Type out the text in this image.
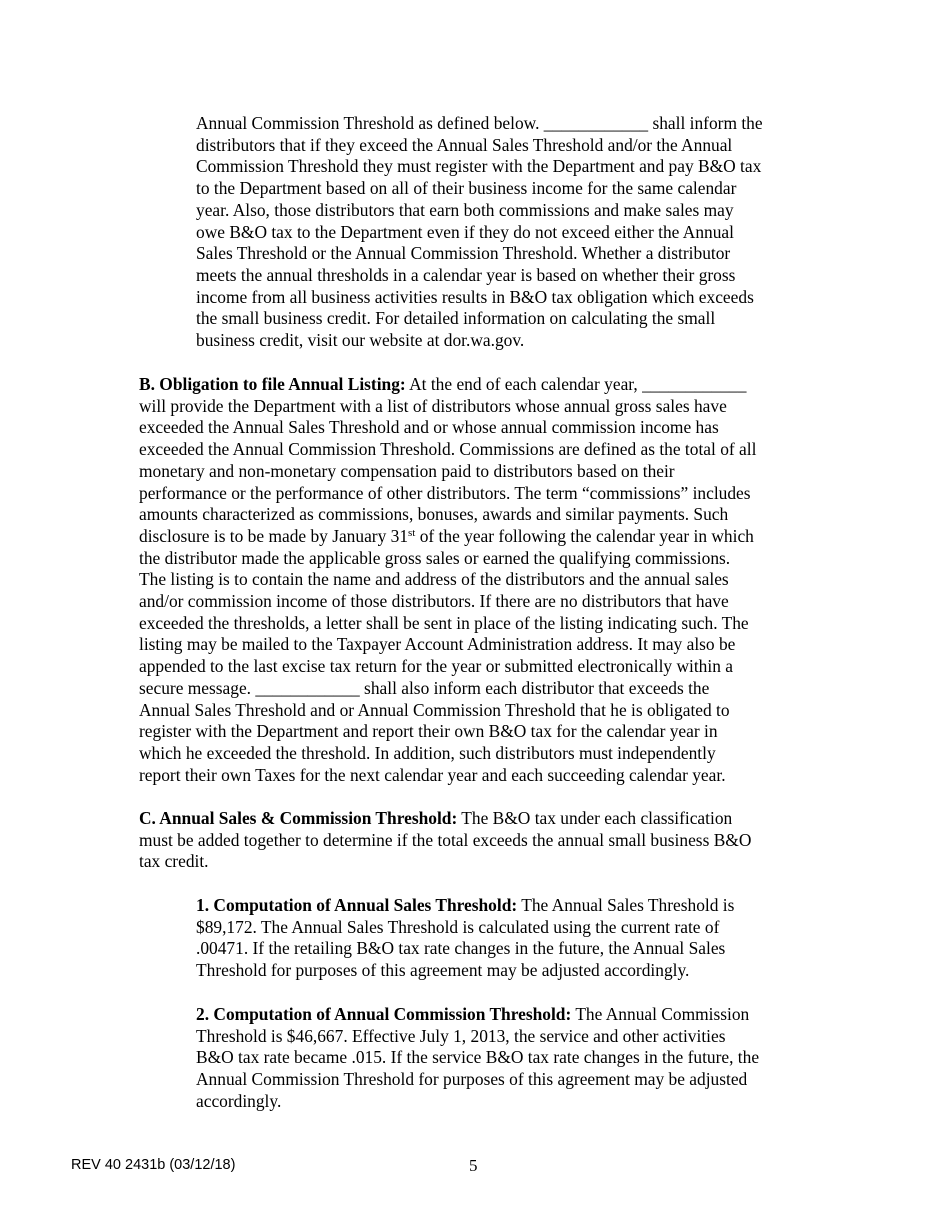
Annual Commission Threshold as defined below. ____________ shall inform the
distributors that if they exceed the Annual Sales Threshold and/or the Annual
Commission Threshold they must register with the Department and pay B&O tax
to the Department based on all of their business income for the same calendar
year. Also, those distributors that earn both commissions and make sales may
owe B&O tax to the Department even if they do not exceed either the Annual
Sales Threshold or the Annual Commission Threshold. Whether a distributor
meets the annual thresholds in a calendar year is based on whether their gross
income from all business activities results in B&O tax obligation which exceeds
the small business credit. For detailed information on calculating the small
business credit, visit our website at dor.wa.gov.
B. Obligation to file Annual Listing: At the end of each calendar year, ____________
will provide the Department with a list of distributors whose annual gross sales have
exceeded the Annual Sales Threshold and or whose annual commission income has
exceeded the Annual Commission Threshold. Commissions are defined as the total of all
monetary and non-monetary compensation paid to distributors based on their
performance or the performance of other distributors. The term “commissions” includes
amounts characterized as commissions, bonuses, awards and similar payments. Such
disclosure is to be made by January 31st of the year following the calendar year in which
the distributor made the applicable gross sales or earned the qualifying commissions.
The listing is to contain the name and address of the distributors and the annual sales
and/or commission income of those distributors. If there are no distributors that have
exceeded the thresholds, a letter shall be sent in place of the listing indicating such. The
listing may be mailed to the Taxpayer Account Administration address. It may also be
appended to the last excise tax return for the year or submitted electronically within a
secure message. ____________ shall also inform each distributor that exceeds the
Annual Sales Threshold and or Annual Commission Threshold that he is obligated to
register with the Department and report their own B&O tax for the calendar year in
which he exceeded the threshold. In addition, such distributors must independently
report their own Taxes for the next calendar year and each succeeding calendar year.
C. Annual Sales & Commission Threshold: The B&O tax under each classification
must be added together to determine if the total exceeds the annual small business B&O
tax credit.
1. Computation of Annual Sales Threshold: The Annual Sales Threshold is
$89,172. The Annual Sales Threshold is calculated using the current rate of
.00471. If the retailing B&O tax rate changes in the future, the Annual Sales
Threshold for purposes of this agreement may be adjusted accordingly.
2. Computation of Annual Commission Threshold: The Annual Commission
Threshold is $46,667. Effective July 1, 2013, the service and other activities
B&O tax rate became .015. If the service B&O tax rate changes in the future, the
Annual Commission Threshold for purposes of this agreement may be adjusted
accordingly.
REV 40 2431b (03/12/18)	5
